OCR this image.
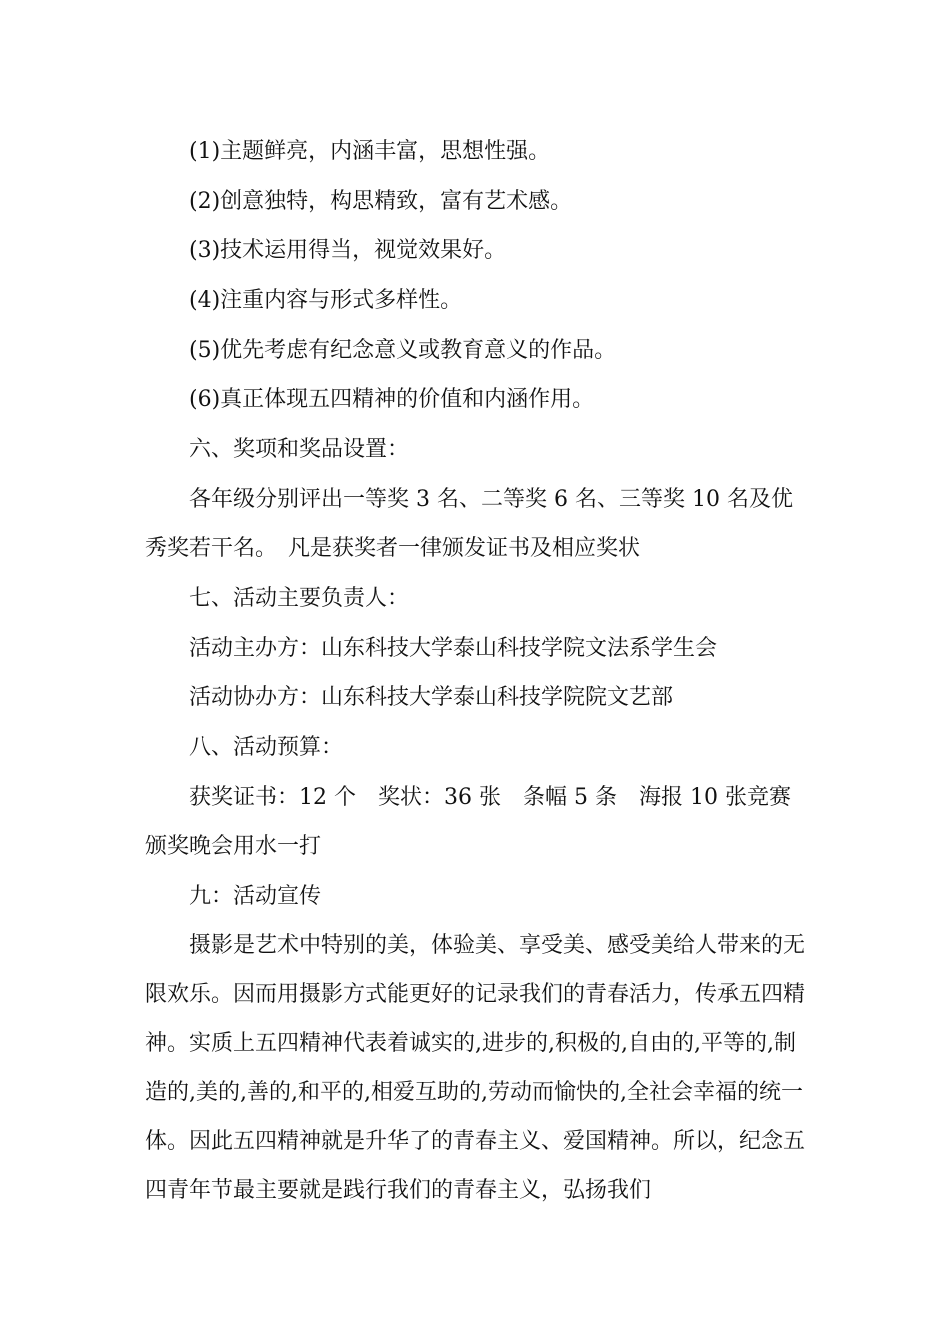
(1)主题鲜亮，内涵丰富，思想性强。

(2)创意独特，构思精致，富有艺术感。

(3)技术运用得当，视觉效果好。

(4)注重内容与形式多样性。

(5)优先考虑有纪念意义或教育意义的作品。

(6)真正体现五四精神的价值和内涵作用。

六、奖项和奖品设置：

各年级分别评出一等奖 3 名、二等奖 6 名、三等奖 10 名及优秀奖若干名。　凡是获奖者一律颁发证书及相应奖状

七、活动主要负责人：

活动主办方：山东科技大学泰山科技学院文法系学生会

活动协办方：山东科技大学泰山科技学院院文艺部

八、活动预算：

获奖证书：12 个　奖状：36 张　条幅 5 条　海报 10 张竞赛颁奖晚会用水一打

九：活动宣传

摄影是艺术中特别的美，体验美、享受美、感受美给人带来的无限欢乐。因而用摄影方式能更好的记录我们的青春活力，传承五四精神。实质上五四精神代表着诚实的,进步的,积极的,自由的,平等的,制造的,美的,善的,和平的,相爱互助的,劳动而愉快的,全社会幸福的统一体。因此五四精神就是升华了的青春主义、爱国精神。所以，纪念五四青年节最主要就是践行我们的青春主义，弘扬我们
